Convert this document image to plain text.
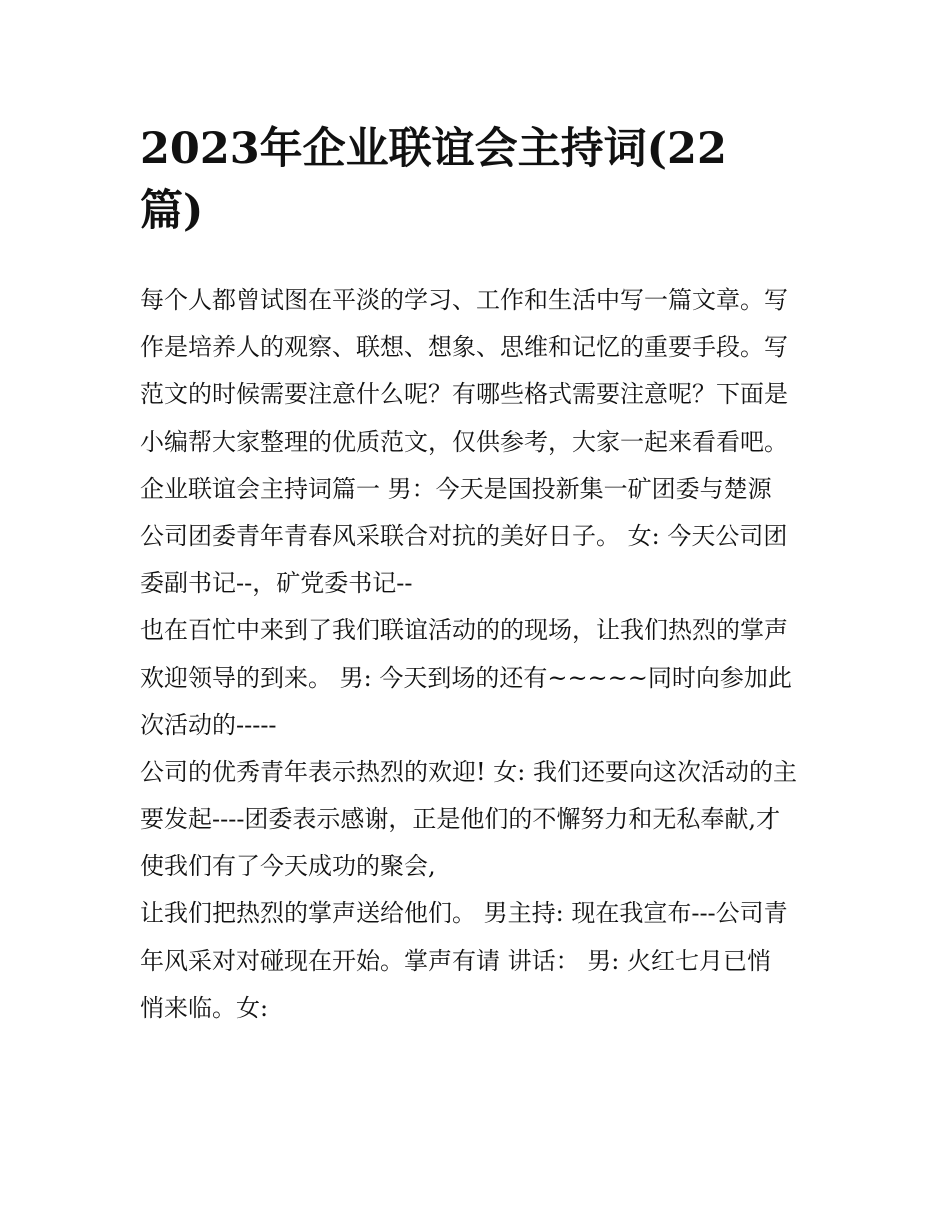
2023年企业联谊会主持词(22
篇)
每个人都曾试图在平淡的学习、工作和生活中写一篇文章。写
作是培养人的观察、联想、想象、思维和记忆的重要手段。写
范文的时候需要注意什么呢？有哪些格式需要注意呢？下面是
小编帮大家整理的优质范文，仅供参考，大家一起来看看吧。
企业联谊会主持词篇一 男：今天是国投新集一矿团委与楚源
公司团委青年青春风采联合对抗的美好日子。 女: 今天公司团
委副书记--，矿党委书记--
也在百忙中来到了我们联谊活动的的现场，让我们热烈的掌声
欢迎领导的到来。 男: 今天到场的还有~~~~~同时向参加此
次活动的-----
公司的优秀青年表示热烈的欢迎! 女: 我们还要向这次活动的主
要发起----团委表示感谢，正是他们的不懈努力和无私奉献,才
使我们有了今天成功的聚会,
让我们把热烈的掌声送给他们。 男主持: 现在我宣布---公司青
年风采对对碰现在开始。掌声有请 讲话： 男: 火红七月已悄
悄来临。女:
